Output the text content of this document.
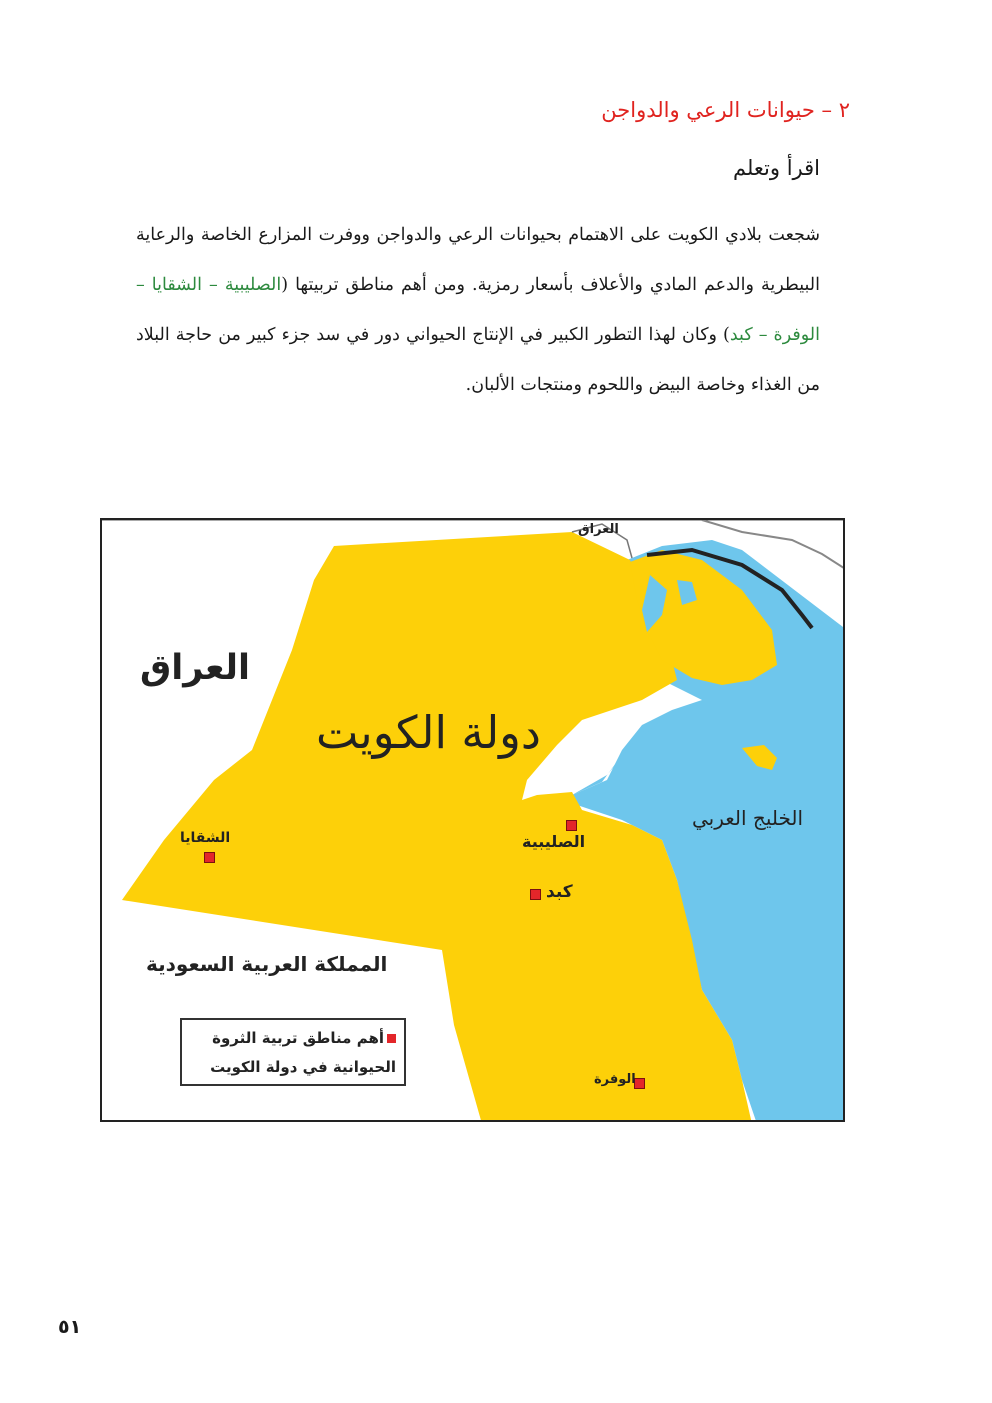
٢ – حيوانات الرعي والدواجن
اقرأ وتعلم
شجعت بلادي الكويت على الاهتمام بحيوانات الرعي والدواجن ووفرت المزارع الخاصة والرعاية البيطرية والدعم المادي والأعلاف بأسعار رمزية. ومن أهم مناطق تربيتها (الصليبية – الشقايا – الوفرة – كبد) وكان لهذا التطور الكبير في الإنتاج الحيواني دور في سد جزء كبير من حاجة البلاد من الغذاء وخاصة البيض واللحوم ومنتجات الألبان.
دولة الكويت
العراق
العراق
المملكة العربية السعودية
الخليج العربي
الصليبية
الشقايا
كبد
الوفرة
أهم مناطق تربية الثروة
الحيوانية في دولة الكويت
٥١
